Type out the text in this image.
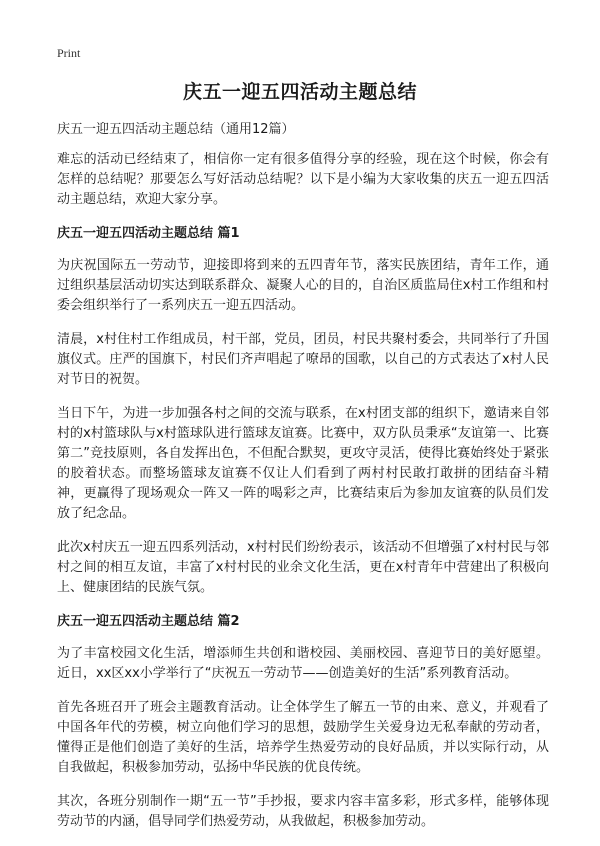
Print
庆五一迎五四活动主题总结
庆五一迎五四活动主题总结（通用12篇）

难忘的活动已经结束了，相信你一定有很多值得分享的经验，现在这个时候，你会有怎样的总结呢？那要怎么写好活动总结呢？以下是小编为大家收集的庆五一迎五四活动主题总结，欢迎大家分享。

庆五一迎五四活动主题总结 篇1

为庆祝国际五一劳动节，迎接即将到来的五四青年节，落实民族团结，青年工作，通过组织基层活动切实达到联系群众、凝聚人心的目的，自治区质监局住x村工作组和村委会组织举行了一系列庆五一迎五四活动。

清晨，x村住村工作组成员，村干部，党员，团员，村民共聚村委会，共同举行了升国旗仪式。庄严的国旗下，村民们齐声唱起了嘹昂的国歌，以自己的方式表达了x村人民对节日的祝贺。

当日下午，为进一步加强各村之间的交流与联系，在x村团支部的组织下，邀请来自邻村的x村篮球队与x村篮球队进行篮球友谊赛。比赛中，双方队员秉承“友谊第一、比赛第二”竞技原则，各自发挥出色，不但配合默契，更攻守灵活，使得比赛始终处于紧张的胶着状态。而整场篮球友谊赛不仅让人们看到了两村村民敢打敢拼的团结奋斗精神，更赢得了现场观众一阵又一阵的喝彩之声，比赛结束后为参加友谊赛的队员们发放了纪念品。

此次x村庆五一迎五四系列活动，x村村民们纷纷表示，该活动不但增强了x村村民与邻村之间的相互友谊，丰富了x村村民的业余文化生活，更在x村青年中营建出了积极向上、健康团结的民族气氛。

庆五一迎五四活动主题总结 篇2

为了丰富校园文化生活，增添师生共创和谐校园、美丽校园、喜迎节日的美好愿望。近日，xx区xx小学举行了“庆祝五一劳动节——创造美好的生活”系列教育活动。

首先各班召开了班会主题教育活动。让全体学生了解五一节的由来、意义，并观看了中国各年代的劳模，树立向他们学习的思想，鼓励学生关爱身边无私奉献的劳动者，懂得正是他们创造了美好的生活，培养学生热爱劳动的良好品质，并以实际行动，从自我做起，积极参加劳动，弘扬中华民族的优良传统。

其次，各班分别制作一期“五一节”手抄报，要求内容丰富多彩，形式多样，能够体现劳动节的内涵，倡导同学们热爱劳动，从我做起，积极参加劳动。
